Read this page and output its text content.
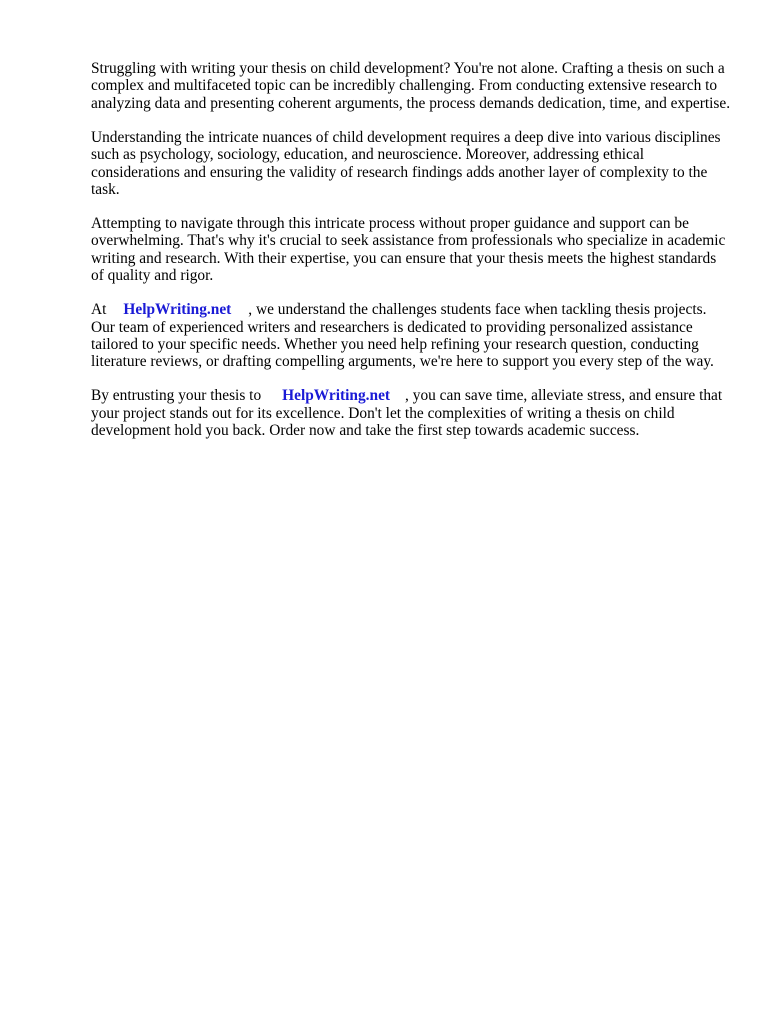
Struggling with writing your thesis on child development? You're not alone. Crafting a thesis on such a complex and multifaceted topic can be incredibly challenging. From conducting extensive research to analyzing data and presenting coherent arguments, the process demands dedication, time, and expertise.

Understanding the intricate nuances of child development requires a deep dive into various disciplines such as psychology, sociology, education, and neuroscience. Moreover, addressing ethical considerations and ensuring the validity of research findings adds another layer of complexity to the task.

Attempting to navigate through this intricate process without proper guidance and support can be overwhelming. That's why it's crucial to seek assistance from professionals who specialize in academic writing and research. With their expertise, you can ensure that your thesis meets the highest standards of quality and rigor.

At HelpWriting.net , we understand the challenges students face when tackling thesis projects. Our team of experienced writers and researchers is dedicated to providing personalized assistance tailored to your specific needs. Whether you need help refining your research question, conducting literature reviews, or drafting compelling arguments, we're here to support you every step of the way.

By entrusting your thesis to HelpWriting.net , you can save time, alleviate stress, and ensure that your project stands out for its excellence. Don't let the complexities of writing a thesis on child development hold you back. Order now and take the first step towards academic success.
